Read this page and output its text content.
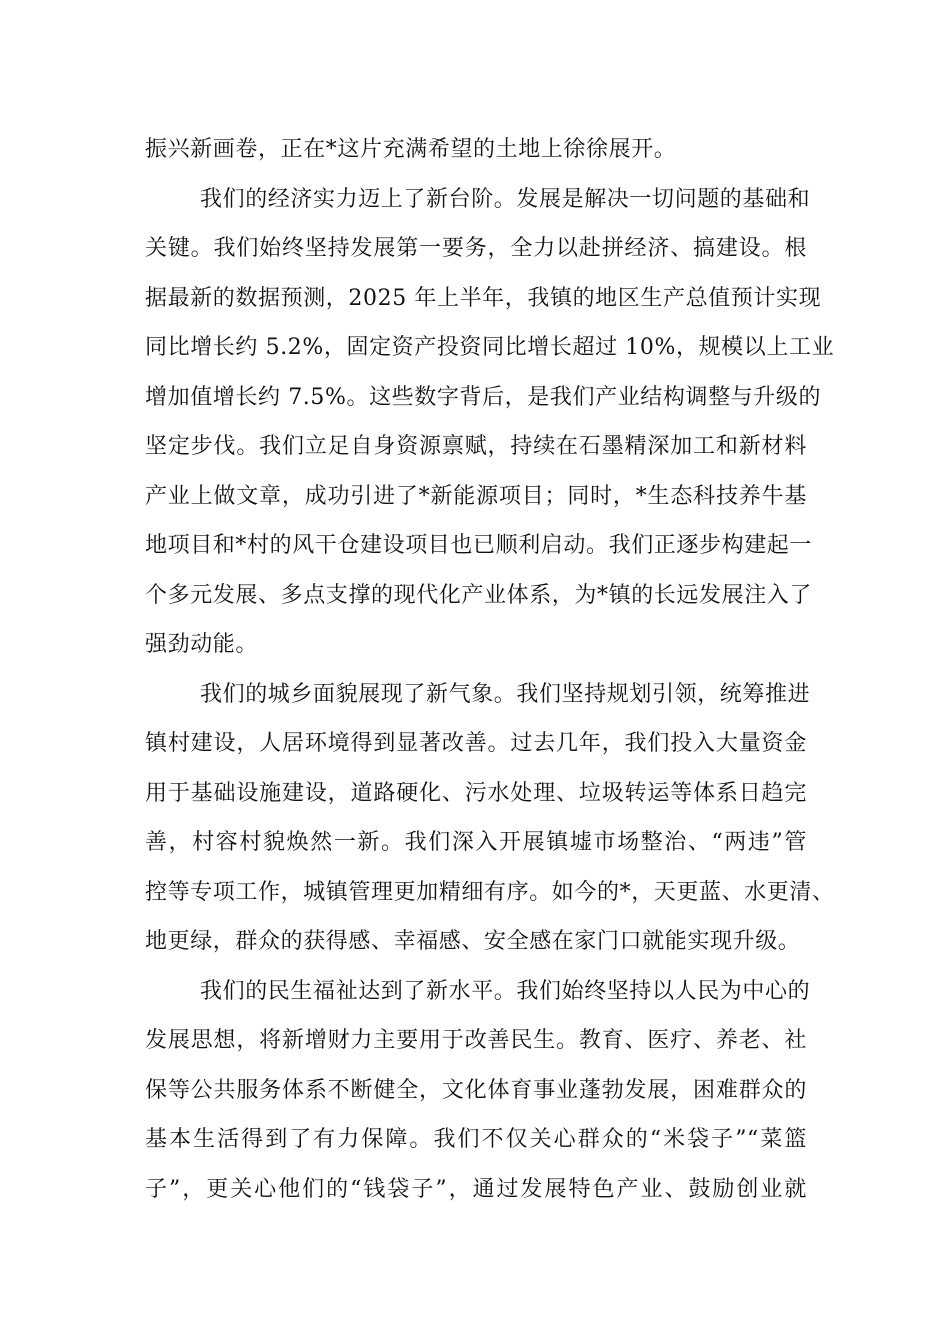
振兴新画卷，正在*这片充满希望的土地上徐徐展开。
我们的经济实力迈上了新台阶。发展是解决一切问题的基础和
关键。我们始终坚持发展第一要务，全力以赴拼经济、搞建设。根
据最新的数据预测，2025 年上半年，我镇的地区生产总值预计实现
同比增长约 5.2%，固定资产投资同比增长超过 10%，规模以上工业
增加值增长约 7.5%。这些数字背后，是我们产业结构调整与升级的
坚定步伐。我们立足自身资源禀赋，持续在石墨精深加工和新材料
产业上做文章，成功引进了*新能源项目；同时，*生态科技养牛基
地项目和*村的风干仓建设项目也已顺利启动。我们正逐步构建起一
个多元发展、多点支撑的现代化产业体系，为*镇的长远发展注入了
强劲动能。
我们的城乡面貌展现了新气象。我们坚持规划引领，统筹推进
镇村建设，人居环境得到显著改善。过去几年，我们投入大量资金
用于基础设施建设，道路硬化、污水处理、垃圾转运等体系日趋完
善，村容村貌焕然一新。我们深入开展镇墟市场整治、“两违”管
控等专项工作，城镇管理更加精细有序。如今的*，天更蓝、水更清、
地更绿，群众的获得感、幸福感、安全感在家门口就能实现升级。
我们的民生福祉达到了新水平。我们始终坚持以人民为中心的
发展思想，将新增财力主要用于改善民生。教育、医疗、养老、社
保等公共服务体系不断健全，文化体育事业蓬勃发展，困难群众的
基本生活得到了有力保障。我们不仅关心群众的“米袋子”“菜篮
子”，更关心他们的“钱袋子”，通过发展特色产业、鼓励创业就
